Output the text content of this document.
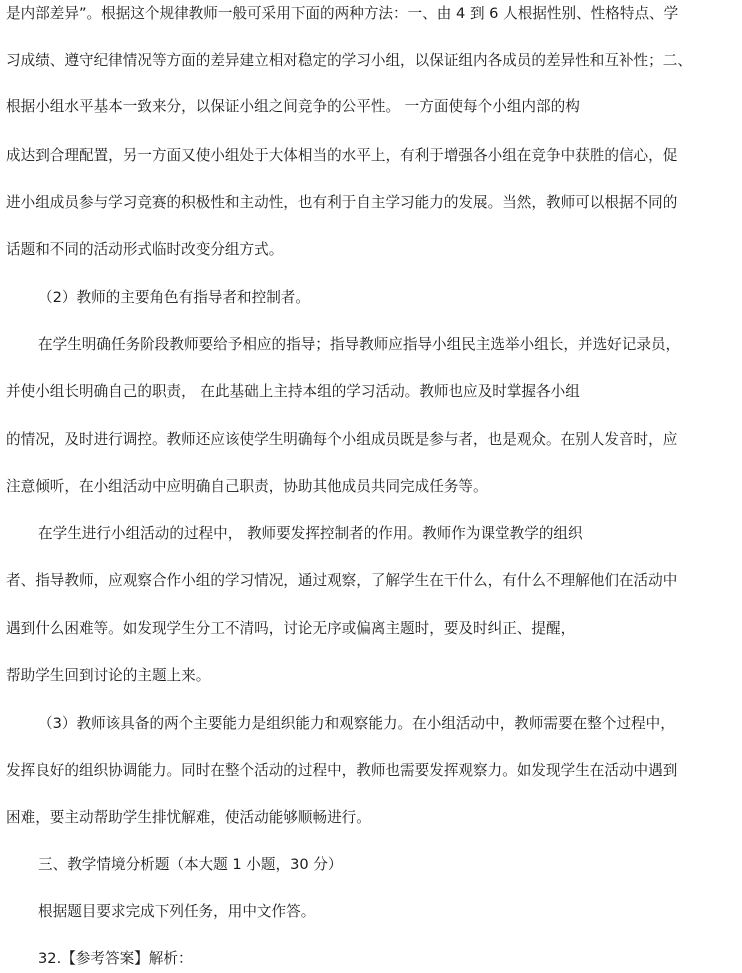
是内部差异”。根据这个规律教师一般可采用下面的两种方法：一、由 4 到 6 人根据性别、性格特点、学
习成绩、遵守纪律情况等方面的差异建立相对稳定的学习小组，以保证组内各成员的差异性和互补性；二、
根据小组水平基本一致来分，以保证小组之间竞争的公平性。 一方面使每个小组内部的构
成达到合理配置，另一方面又使小组处于大体相当的水平上，有利于增强各小组在竞争中获胜的信心，促
进小组成员参与学习竞赛的积极性和主动性，也有利于自主学习能力的发展。当然，教师可以根据不同的
话题和不同的活动形式临时改变分组方式。
（2）教师的主要角色有指导者和控制者。
在学生明确任务阶段教师要给予相应的指导；指导教师应指导小组民主选举小组长，并选好记录员，
并使小组长明确自己的职责， 在此基础上主持本组的学习活动。教师也应及时掌握各小组
的情况，及时进行调控。教师还应该使学生明确每个小组成员既是参与者，也是观众。在别人发音时，应
注意倾听，在小组活动中应明确自己职责，协助其他成员共同完成任务等。
在学生进行小组活动的过程中， 教师要发挥控制者的作用。教师作为课堂教学的组织
者、指导教师，应观察合作小组的学习情况，通过观察，了解学生在干什么，有什么不理解他们在活动中
遇到什么困难等。如发现学生分工不清吗，讨论无序或偏离主题时，要及时纠正、提醒，
帮助学生回到讨论的主题上来。
（3）教师该具备的两个主要能力是组织能力和观察能力。在小组活动中，教师需要在整个过程中，
发挥良好的组织协调能力。同时在整个活动的过程中，教师也需要发挥观察力。如发现学生在活动中遇到
困难，要主动帮助学生排忧解难，使活动能够顺畅进行。
三、教学情境分析题（本大题 1 小题，30 分）
根据题目要求完成下列任务，用中文作答。
32.【参考答案】解析：
